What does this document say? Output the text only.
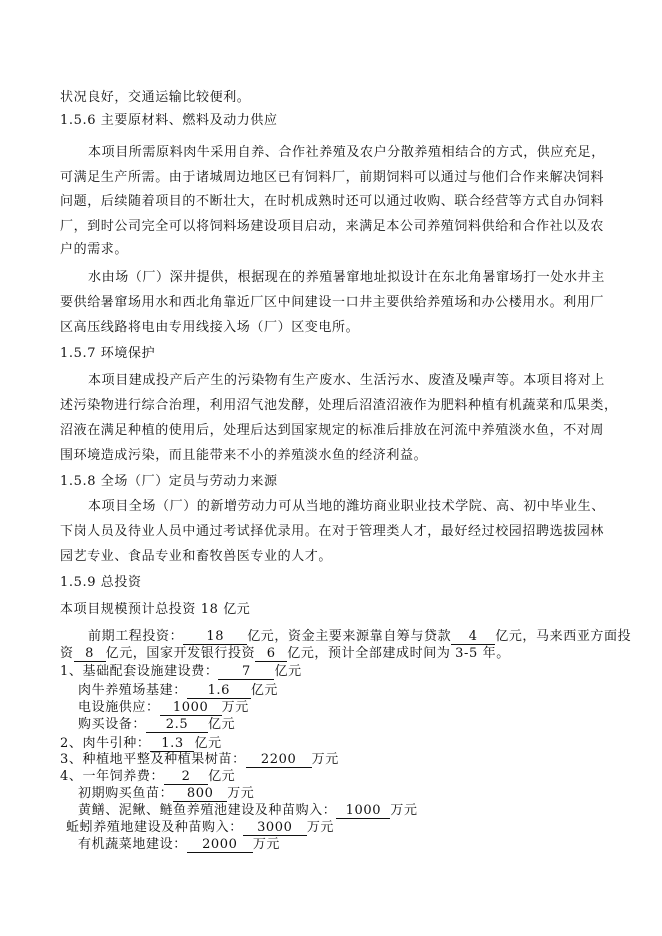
状况良好，交通运输比较便利。
1.5.6 主要原材料、燃料及动力供应
本项目所需原料肉牛采用自养、合作社养殖及农户分散养殖相结合的方式，供应充足，
可满足生产所需。由于诸城周边地区已有饲料厂，前期饲料可以通过与他们合作来解决饲料
问题，后续随着项目的不断壮大，在时机成熟时还可以通过收购、联合经营等方式自办饲料
厂，到时公司完全可以将饲料场建设项目启动，来满足本公司养殖饲料供给和合作社以及农
户的需求。
水由场（厂）深井提供，根据现在的养殖暑窜地址拟设计在东北角暑窜场打一处水井主
要供给暑窜场用水和西北角靠近厂区中间建设一口井主要供给养殖场和办公楼用水。利用厂
区高压线路将电由专用线接入场（厂）区变电所。
1.5.7 环境保护
本项目建成投产后产生的污染物有生产废水、生活污水、废渣及噪声等。本项目将对上
述污染物进行综合治理，利用沼气池发酵，处理后沼渣沼液作为肥料种植有机蔬菜和瓜果类，
沼液在满足种植的使用后，处理后达到国家规定的标准后排放在河流中养殖淡水鱼，不对周
围环境造成污染，而且能带来不小的养殖淡水鱼的经济利益。
1.5.8 全场（厂）定员与劳动力来源
本项目全场（厂）的新增劳动力可从当地的潍坊商业职业技术学院、高、初中毕业生、
下岗人员及待业人员中通过考试择优录用。在对于管理类人才，最好经过校园招聘选拔园林
园艺专业、食品专业和畜牧兽医专业的人才。
1.5.9 总投资
本项目规模预计总投资 18 亿元
前期工程投资： 18 亿元，资金主要来源靠自筹与贷款 4 亿元，马来西亚方面投
资 8 亿元，国家开发银行投资 6 亿元，预计全部建成时间为 3-5 年。
1、基础配套设施建设费： 7 亿元
肉牛养殖场基建： 1.6 亿元
电设施供应： 1000 万元
购买设备： 2.5 亿元
2、肉牛引种： 1.3 亿元
3、种植地平整及种植果树苗： 2200 万元
4、一年饲养费： 2 亿元
初期购买鱼苗： 800 万元
黄鳝、泥鳅、鲢鱼养殖池建设及种苗购入： 1000 万元
蚯蚓养殖地建设及种苗购入： 3000 万元
有机蔬菜地建设： 2000 万元
